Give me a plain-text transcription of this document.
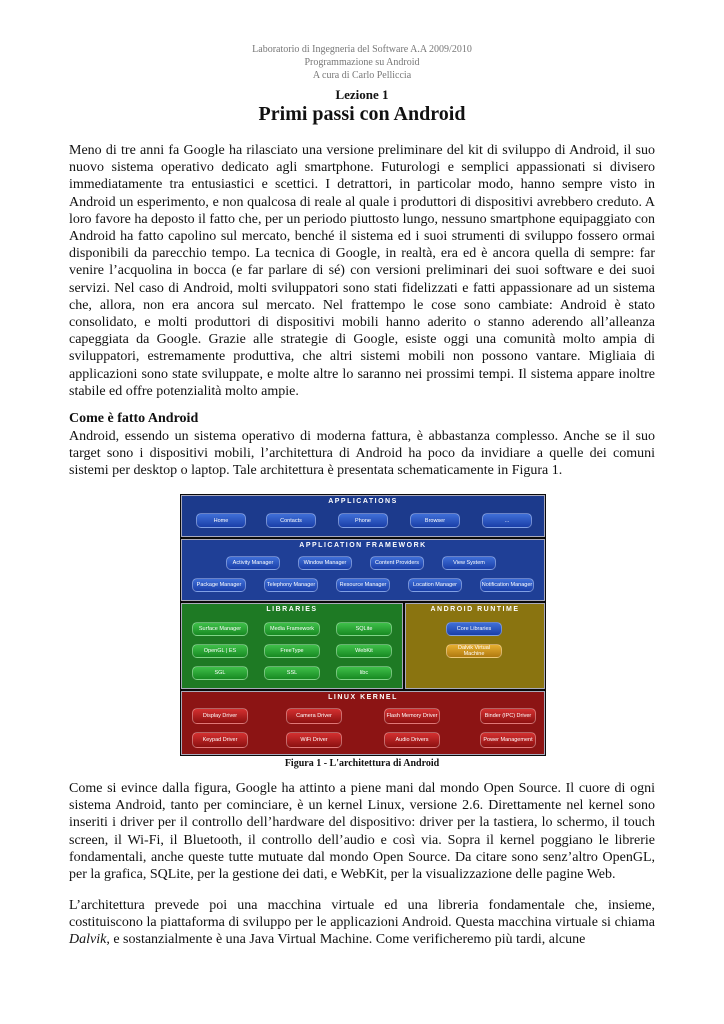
Laboratorio di Ingegneria del Software A.A 2009/2010
Programmazione su Android
A cura di Carlo Pelliccia
Lezione 1
Primi passi con Android
Meno di tre anni fa Google ha rilasciato una versione preliminare del kit di sviluppo di Android, il suo nuovo sistema operativo dedicato agli smartphone. Futurologi e semplici appassionati si divisero immediatamente tra entusiastici e scettici. I detrattori, in particolar modo, hanno sempre visto in Android un esperimento, e non qualcosa di reale al quale i produttori di dispositivi avrebbero creduto. A loro favore ha deposto il fatto che, per un periodo piuttosto lungo, nessuno smartphone equipaggiato con Android ha fatto capolino sul mercato, benché il sistema ed i suoi strumenti di sviluppo fossero ormai disponibili da parecchio tempo. La tecnica di Google, in realtà, era ed è ancora quella di sempre: far venire l’acquolina in bocca (e far parlare di sé) con versioni preliminari dei suoi software e dei suoi servizi. Nel caso di Android, molti sviluppatori sono stati fidelizzati e fatti appassionare ad un sistema che, allora, non era ancora sul mercato. Nel frattempo le cose sono cambiate: Android è stato consolidato, e molti produttori di dispositivi mobili hanno aderito o stanno aderendo all’alleanza capeggiata da Google. Grazie alle strategie di Google, esiste oggi una comunità molto ampia di sviluppatori, estremamente produttiva, che altri sistemi mobili non possono vantare. Migliaia di applicazioni sono state sviluppate, e molte altre lo saranno nei prossimi tempi. Il sistema appare inoltre stabile ed offre potenzialità molto ampie.
Come è fatto Android
Android, essendo un sistema operativo di moderna fattura, è abbastanza complesso. Anche se il suo target sono i dispositivi mobili, l’architettura di Android ha poco da invidiare a quelle dei comuni sistemi per desktop o laptop. Tale architettura è presentata schematicamente in Figura 1.
APPLICATIONS
Home	Contacts	Phone	Browser	...
APPLICATION FRAMEWORK
Activity Manager	Window Manager	Content Providers	View System
Package Manager	Telephony Manager	Resource Manager	Location Manager	Notification Manager
LIBRARIES
Surface Manager	Media Framework	SQLite
OpenGL | ES	FreeType	WebKit
SGL	SSL	libc
ANDROID RUNTIME
Core Libraries
Dalvik Virtual Machine
LINUX KERNEL
Display Driver	Camera Driver	Flash Memory Driver	Binder (IPC) Driver
Keypad Driver	WiFi Driver	Audio Drivers	Power Management
Figura 1 - L'architettura di Android
Come si evince dalla figura, Google ha attinto a piene mani dal mondo Open Source. Il cuore di ogni sistema Android, tanto per cominciare, è un kernel Linux, versione 2.6. Direttamente nel kernel sono inseriti i driver per il controllo dell’hardware del dispositivo: driver per la tastiera, lo schermo, il touch screen, il Wi-Fi, il Bluetooth, il controllo dell’audio e così via. Sopra il kernel poggiano le librerie fondamentali, anche queste tutte mutuate dal mondo Open Source. Da citare sono senz’altro OpenGL, per la grafica, SQLite, per la gestione dei dati, e WebKit, per la visualizzazione delle pagine Web.
L’architettura prevede poi una macchina virtuale ed una libreria fondamentale che, insieme, costituiscono la piattaforma di sviluppo per le applicazioni Android. Questa macchina virtuale si chiama Dalvik, e sostanzialmente è una Java Virtual Machine. Come verificheremo più tardi, alcune
